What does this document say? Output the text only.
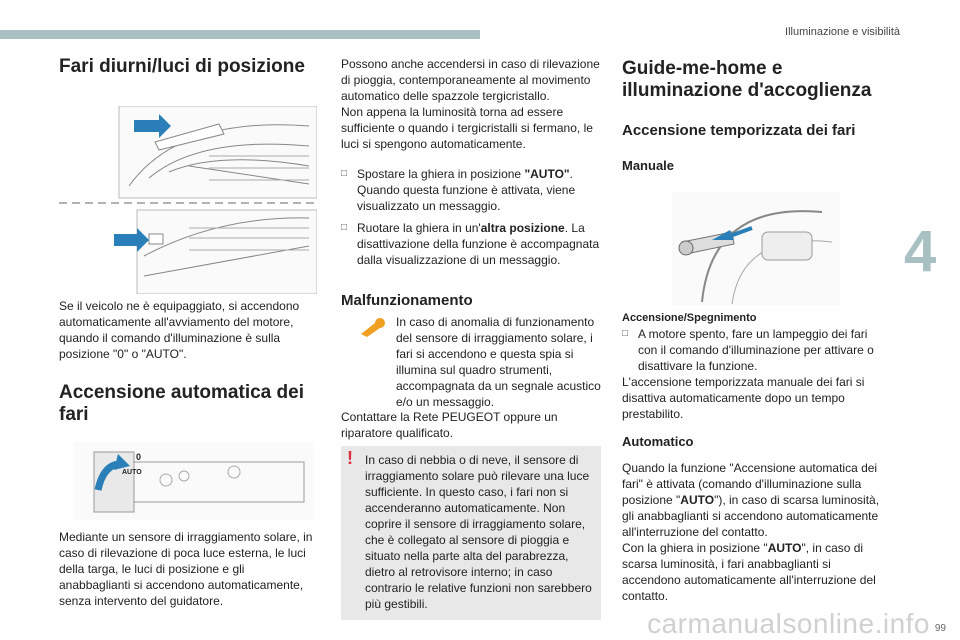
Illuminazione e visibilità
4
Fari diurni/luci di posizione

Se il veicolo ne è equipaggiato, si accendono automaticamente all'avviamento del motore, quando il comando d'illuminazione è sulla posizione "0" o "AUTO".

Accensione automatica dei fari
0
AUTO

Mediante un sensore di irraggiamento solare, in caso di rilevazione di poca luce esterna, le luci della targa, le luci di posizione e gli anabbaglianti si accendono automaticamente, senza intervento del guidatore.

Possono anche accendersi in caso di rilevazione di pioggia, contemporaneamente al movimento automatico delle spazzole tergicristallo.

Non appena la luminosità torna ad essere sufficiente o quando i tergicristalli si fermano, le luci si spengono automaticamente.

□ Spostare la ghiera in posizione "AUTO". Quando questa funzione è attivata, viene visualizzato un messaggio.

□ Ruotare la ghiera in un'altra posizione. La disattivazione della funzione è accompagnata dalla visualizzazione di un messaggio.

Malfunzionamento

In caso di anomalia di funzionamento del sensore di irraggiamento solare, i fari si accendono e questa spia si illumina sul quadro strumenti, accompagnata da un segnale acustico e/o un messaggio.

Contattare la Rete PEUGEOT oppure un riparatore qualificato.

! In caso di nebbia o di neve, il sensore di irraggiamento solare può rilevare una luce sufficiente. In questo caso, i fari non si accenderanno automaticamente. Non coprire il sensore di irraggiamento solare, che è collegato al sensore di pioggia e situato nella parte alta del parabrezza, dietro al retrovisore interno; in caso contrario le relative funzioni non sarebbero più gestibili.
Guide-me-home e illuminazione d'accoglienza
Accensione temporizzata dei fari
Manuale

Accensione/Spegnimento

□ A motore spento, fare un lampeggio dei fari con il comando d'illuminazione per attivare o disattivare la funzione.

L'accensione temporizzata manuale dei fari si disattiva automaticamente dopo un tempo prestabilito.

Automatico

Quando la funzione "Accensione automatica dei fari" è attivata (comando d'illuminazione sulla posizione "AUTO"), in caso di scarsa luminosità, gli anabbaglianti si accendono automaticamente all'interruzione del contatto.

Con la ghiera in posizione "AUTO", in caso di scarsa luminosità, i fari anabbaglianti si accendono automaticamente all'interruzione del contatto.

carmanualsonline.info 99
